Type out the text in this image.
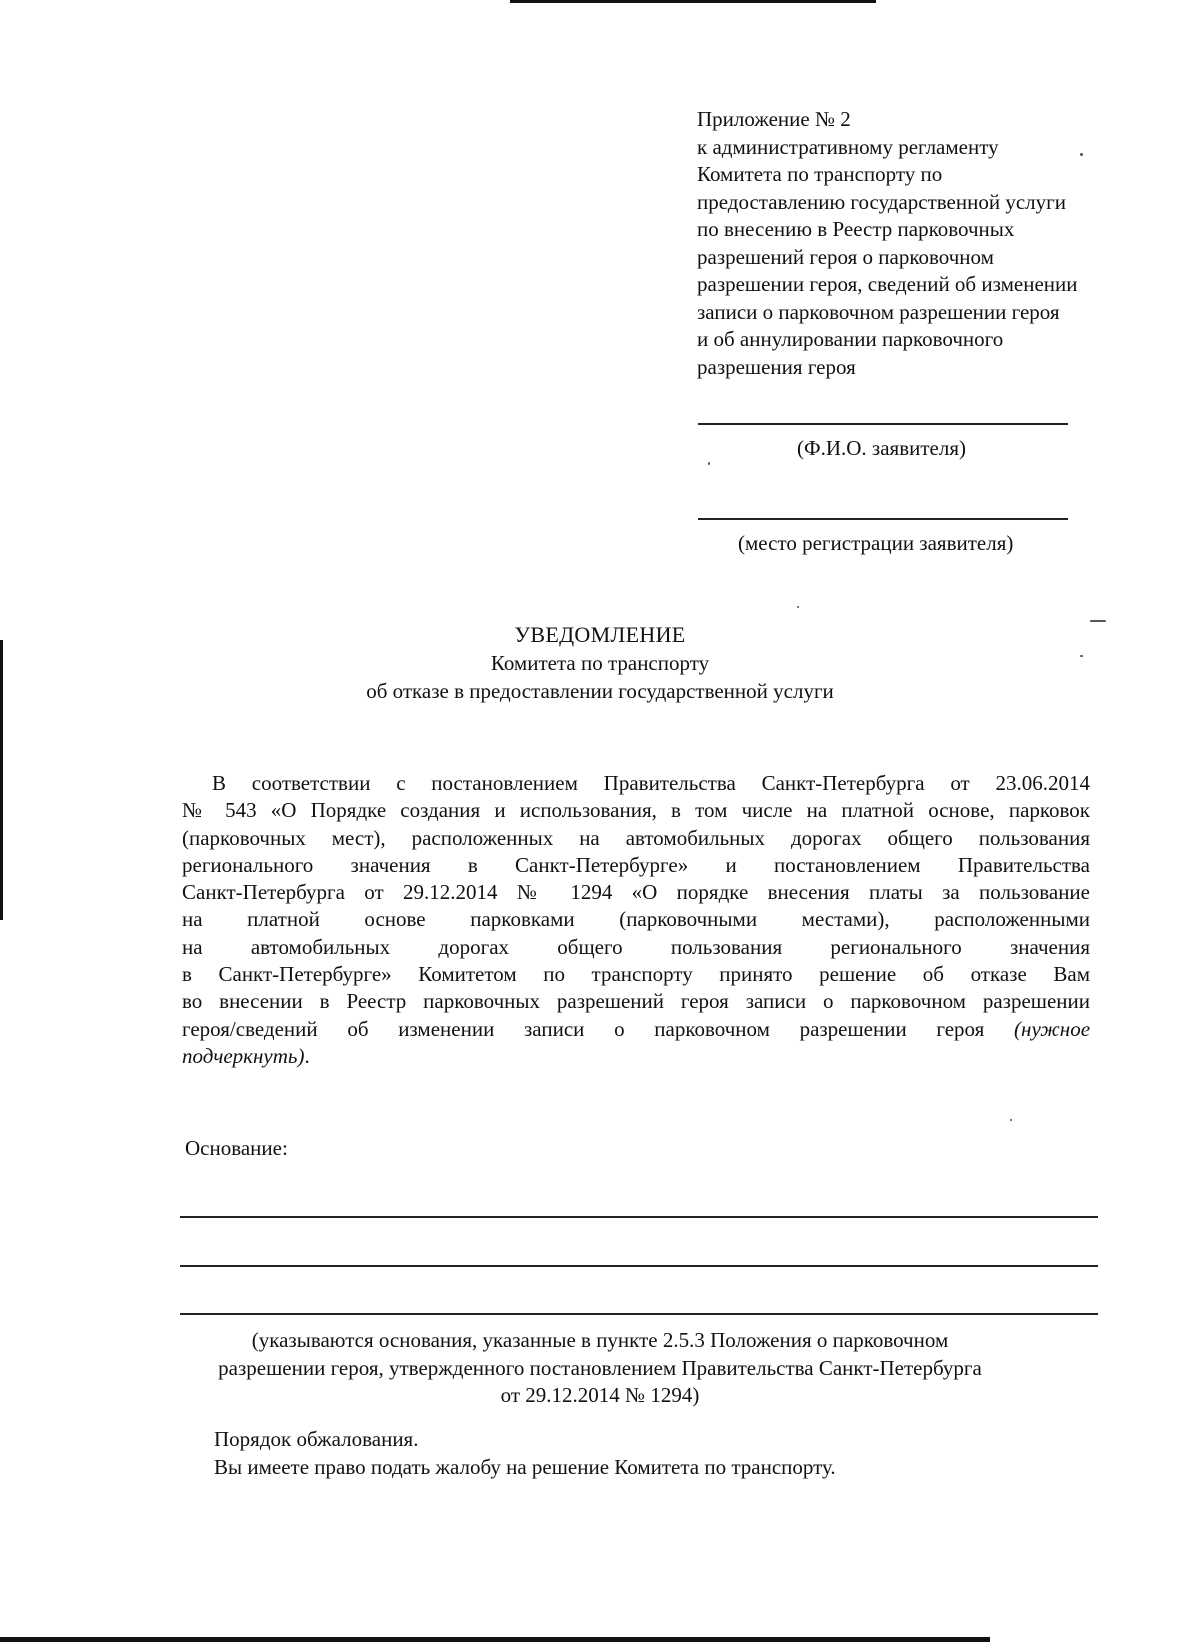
Приложение № 2
к административному регламенту
Комитета по транспорту по
предоставлению государственной услуги
по внесению в Реестр парковочных
разрешений героя о парковочном
разрешении героя, сведений об изменении
записи о парковочном разрешении героя
и об аннулировании парковочного
разрешения героя
(Ф.И.О. заявителя)
(место регистрации заявителя)
УВЕДОМЛЕНИЕ
Комитета по транспорту
об отказе в предоставлении государственной услуги
В соответствии с постановлением Правительства Санкт-Петербурга от 23.06.2014
№ 543 «О Порядке создания и использования, в том числе на платной основе, парковок
(парковочных мест), расположенных на автомобильных дорогах общего пользования
регионального значения в Санкт-Петербурге» и постановлением Правительства
Санкт-Петербурга от 29.12.2014 № 1294 «О порядке внесения платы за пользование
на платной основе парковками (парковочными местами), расположенными
на автомобильных дорогах общего пользования регионального значения
в Санкт-Петербурге» Комитетом по транспорту принято решение об отказе Вам
во внесении в Реестр парковочных разрешений героя записи о парковочном разрешении
героя/сведений об изменении записи о парковочном разрешении героя (нужное
подчеркнуть).
Основание:
(указываются основания, указанные в пункте 2.5.3 Положения о парковочном
разрешении героя, утвержденного постановлением Правительства Санкт-Петербурга
от 29.12.2014 № 1294)
Порядок обжалования.
Вы имеете право подать жалобу на решение Комитета по транспорту.
